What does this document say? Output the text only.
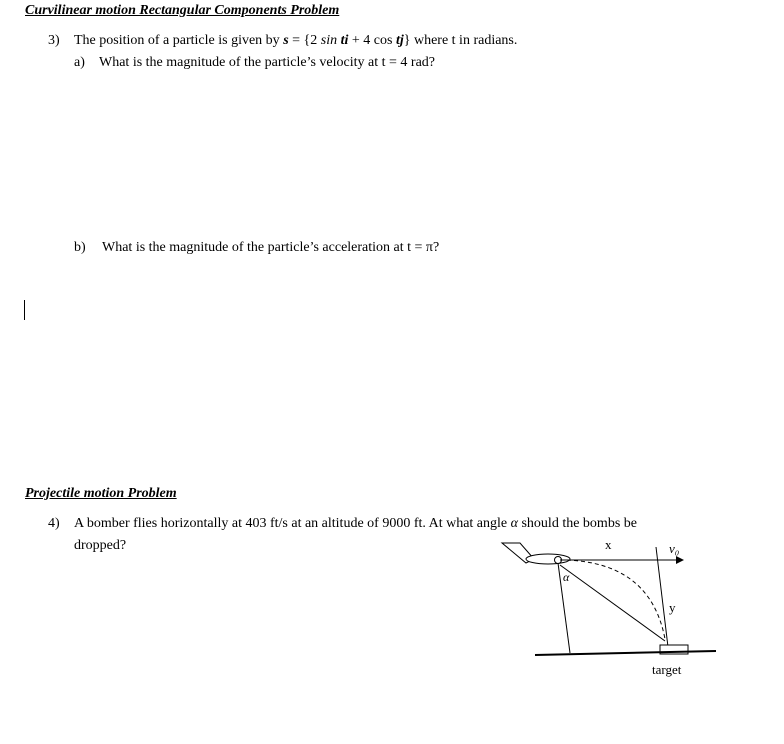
Curvilinear motion Rectangular Components Problem
3) The position of a particle is given by s = {2 sin ti + 4 cos tj} where t in radians.
a) What is the magnitude of the particle’s velocity at t = 4 rad?
b) What is the magnitude of the particle’s acceleration at t = π?
Projectile motion Problem
4) A bomber flies horizontally at 403 ft/s at an altitude of 9000 ft. At what angle α should the bombs be
dropped?	x	v₀
α
y
target
